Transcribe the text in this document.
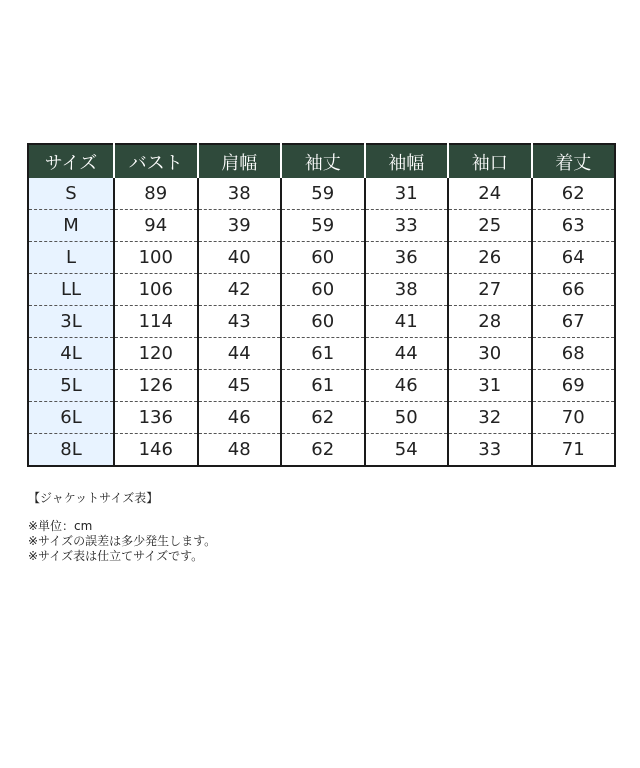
サイズ	バスト	肩幅	袖丈	袖幅	袖口	着丈
S	89	38	59	31	24	62
M	94	39	59	33	25	63
L	100	40	60	36	26	64
LL	106	42	60	38	27	66
3L	114	43	60	41	28	67
4L	120	44	61	44	30	68
5L	126	45	61	46	31	69
6L	136	46	62	50	32	70
8L	146	48	62	54	33	71
【ジャケットサイズ表】
※単位：cm
※サイズの誤差は多少発生します。
※サイズ表は仕立てサイズです。
